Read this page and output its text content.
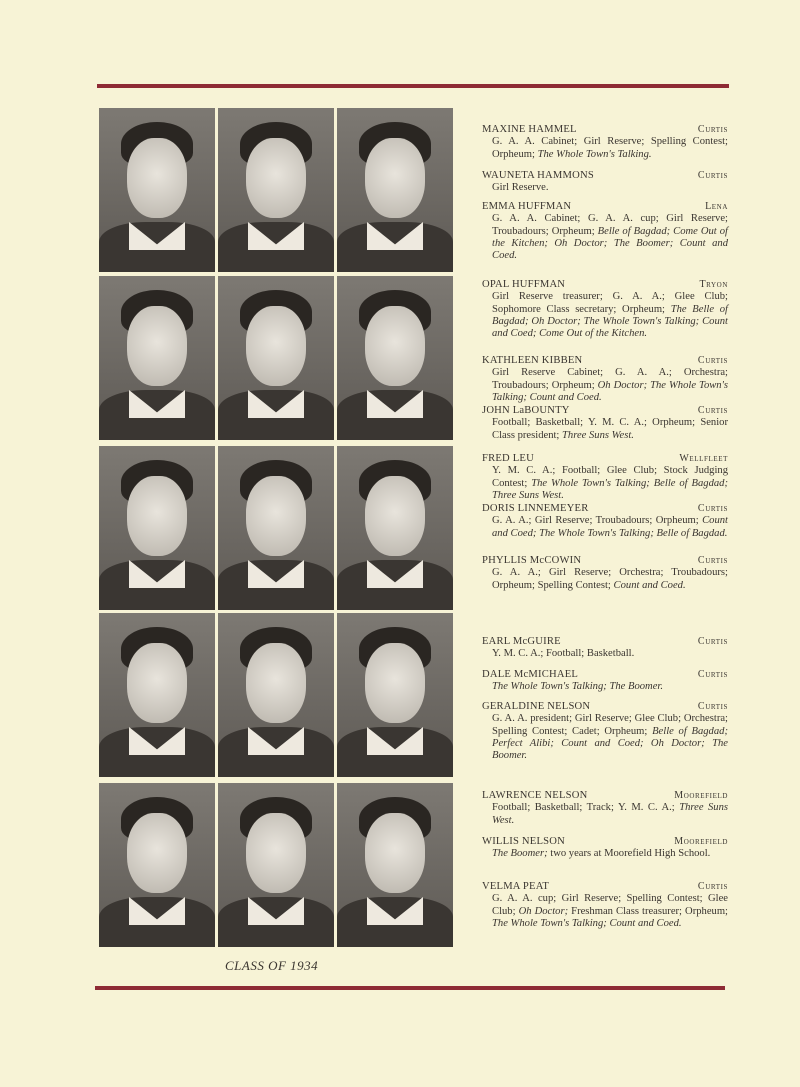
CLASS OF 1934
MAXINE HAMMEL	Curtis
G. A. A. Cabinet; Girl Reserve; Spelling Contest; Orpheum; The Whole Town's Talking.
WAUNETA HAMMONS	Curtis
Girl Reserve.
EMMA HUFFMAN	Lena
G. A. A. Cabinet; G. A. A. cup; Girl Reserve; Troubadours; Orpheum; Belle of Bagdad; Come Out of the Kitchen; Oh Doctor; The Boomer; Count and Coed.
OPAL HUFFMAN	Tryon
Girl Reserve treasurer; G. A. A.; Glee Club; Sophomore Class secretary; Orpheum; The Belle of Bagdad; Oh Doctor; The Whole Town's Talking; Count and Coed; Come Out of the Kitchen.
KATHLEEN KIBBEN	Curtis
Girl Reserve Cabinet; G. A. A.; Orchestra; Troubadours; Orpheum; Oh Doctor; The Whole Town's Talking; Count and Coed.
JOHN LaBOUNTY	Curtis
Football; Basketball; Y. M. C. A.; Orpheum; Senior Class president; Three Suns West.
FRED LEU	Wellfleet
Y. M. C. A.; Football; Glee Club; Stock Judging Contest; The Whole Town's Talking; Belle of Bagdad; Three Suns West.
DORIS LINNEMEYER	Curtis
G. A. A.; Girl Reserve; Troubadours; Orpheum; Count and Coed; The Whole Town's Talking; Belle of Bagdad.
PHYLLIS McCOWIN	Curtis
G. A. A.; Girl Reserve; Orchestra; Troubadours; Orpheum; Spelling Contest; Count and Coed.
EARL McGUIRE	Curtis
Y. M. C. A.; Football; Basketball.
DALE McMICHAEL	Curtis
The Whole Town's Talking; The Boomer.
GERALDINE NELSON	Curtis
G. A. A. president; Girl Reserve; Glee Club; Orchestra; Spelling Contest; Cadet; Orpheum; Belle of Bagdad; Perfect Alibi; Count and Coed; Oh Doctor; The Boomer.
LAWRENCE NELSON	Moorefield
Football; Basketball; Track; Y. M. C. A.; Three Suns West.
WILLIS NELSON	Moorefield
The Boomer; two years at Moorefield High School.
VELMA PEAT	Curtis
G. A. A. cup; Girl Reserve; Spelling Contest; Glee Club; Oh Doctor; Freshman Class treasurer; Orpheum; The Whole Town's Talking; Count and Coed.
